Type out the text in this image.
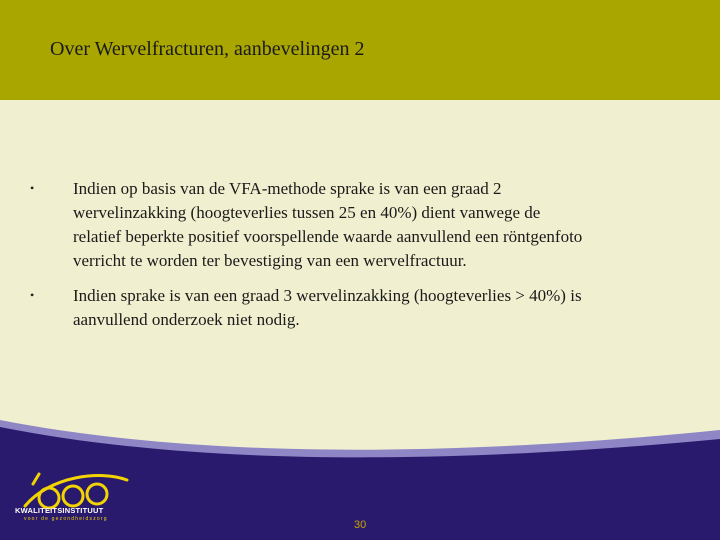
Over Wervelfracturen, aanbevelingen 2
• Indien op basis van de VFA-methode sprake is van een graad 2
wervelinzakking (hoogteverlies tussen 25 en 40%) dient vanwege de
relatief beperkte positief voorspellende waarde aanvullend een röntgenfoto
verricht te worden ter bevestiging van een wervelfractuur.
• Indien sprake is van een graad 3 wervelinzakking (hoogteverlies > 40%) is
aanvullend onderzoek niet nodig.
KWALITEITSINSTITUUT
voor de gezondheidszorg	30
